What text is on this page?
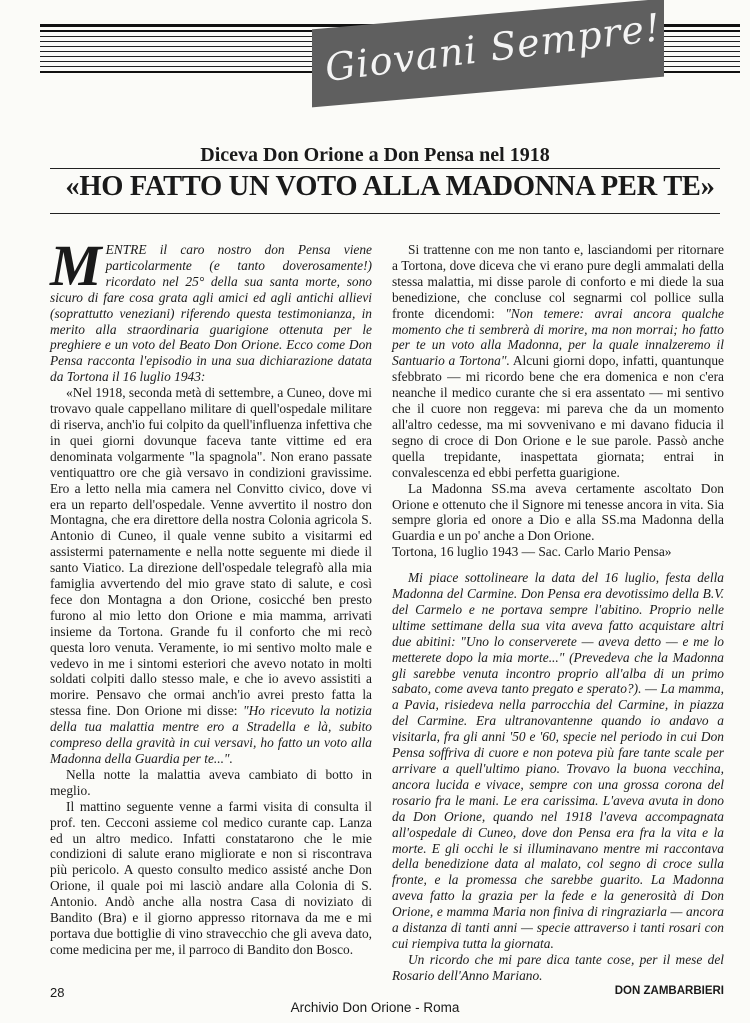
Giovani Sempre!
Diceva Don Orione a Don Pensa nel 1918
«HO FATTO UN VOTO ALLA MADONNA PER TE»

MENTRE il caro nostro don Pensa viene particolarmente (e tanto doverosamente!) ricordato nel 25° della sua santa morte, sono sicuro di fare cosa grata agli amici ed agli antichi allievi (soprattutto veneziani) riferendo questa testimonianza, in merito alla straordinaria guarigione ottenuta per le preghiere e un voto del Beato Don Orione. Ecco come Don Pensa racconta l'episodio in una sua dichiarazione datata da Tortona il 16 luglio 1943:

«Nel 1918, seconda metà di settembre, a Cuneo, dove mi trovavo quale cappellano militare di quell'ospedale militare di riserva, anch'io fui colpito da quell'influenza infettiva che in quei giorni dovunque faceva tante vittime ed era denominata volgarmente "la spagnola". Non erano passate ventiquattro ore che già versavo in condizioni gravissime. Ero a letto nella mia camera nel Convitto civico, dove vi era un reparto dell'ospedale. Venne avvertito il nostro don Montagna, che era direttore della nostra Colonia agricola S. Antonio di Cuneo, il quale venne subito a visitarmi ed assistermi paternamente e nella notte seguente mi diede il santo Viatico. La direzione dell'ospedale telegrafò alla mia famiglia avvertendo del mio grave stato di salute, e così fece don Montagna a don Orione, cosicché ben presto furono al mio letto don Orione e mia mamma, arrivati insieme da Tortona. Grande fu il conforto che mi recò questa loro venuta. Veramente, io mi sentivo molto male e vedevo in me i sintomi esteriori che avevo notato in molti soldati colpiti dallo stesso male, e che io avevo assistiti a morire. Pensavo che ormai anch'io avrei presto fatta la stessa fine. Don Orione mi disse: "Ho ricevuto la notizia della tua malattia mentre ero a Stradella e là, subito compreso della gravità in cui versavi, ho fatto un voto alla Madonna della Guardia per te...".

Nella notte la malattia aveva cambiato di botto in meglio.

Il mattino seguente venne a farmi visita di consulta il prof. ten. Cecconi assieme col medico curante cap. Lanza ed un altro medico. Infatti constatarono che le mie condizioni di salute erano migliorate e non si riscontrava più pericolo. A questo consulto medico assisté anche Don Orione, il quale poi mi lasciò andare alla Colonia di S. Antonio. Andò anche alla nostra Casa di noviziato di Bandito (Bra) e il giorno appresso ritornava da me e mi portava due bottiglie di vino stravecchio che gli aveva dato, come medicina per me, il parroco di Bandito don Bosco.

Si trattenne con me non tanto e, lasciandomi per ritornare a Tortona, dove diceva che vi erano pure degli ammalati della stessa malattia, mi disse parole di conforto e mi diede la sua benedizione, che concluse col segnarmi col pollice sulla fronte dicendomi: "Non temere: avrai ancora qualche momento che ti sembrerà di morire, ma non morrai; ho fatto per te un voto alla Madonna, per la quale innalzeremo il Santuario a Tortona". Alcuni giorni dopo, infatti, quantunque sfebbrato — mi ricordo bene che era domenica e non c'era neanche il medico curante che si era assentato — mi sentivo che il cuore non reggeva: mi pareva che da un momento all'altro cedesse, ma mi sovvenivano e mi davano fiducia il segno di croce di Don Orione e le sue parole. Passò anche quella trepidante, inaspettata giornata; entrai in convalescenza ed ebbi perfetta guarigione.

La Madonna SS.ma aveva certamente ascoltato Don Orione e ottenuto che il Signore mi tenesse ancora in vita. Sia sempre gloria ed onore a Dio e alla SS.ma Madonna della Guardia e un po' anche a Don Orione.

Tortona, 16 luglio 1943 — Sac. Carlo Mario Pensa»

Mi piace sottolineare la data del 16 luglio, festa della Madonna del Carmine. Don Pensa era devotissimo della B.V. del Carmelo e ne portava sempre l'abitino. Proprio nelle ultime settimane della sua vita aveva fatto acquistare altri due abitini: "Uno lo conserverete — aveva detto — e me lo metterete dopo la mia morte..." (Prevedeva che la Madonna gli sarebbe venuta incontro proprio all'alba di un primo sabato, come aveva tanto pregato e sperato?). — La mamma, a Pavia, risiedeva nella parrocchia del Carmine, in piazza del Carmine. Era ultranovantenne quando io andavo a visitarla, fra gli anni '50 e '60, specie nel periodo in cui Don Pensa soffriva di cuore e non poteva più fare tante scale per arrivare a quell'ultimo piano. Trovavo la buona vecchina, ancora lucida e vivace, sempre con una grossa corona del rosario fra le mani. Le era carissima. L'aveva avuta in dono da Don Orione, quando nel 1918 l'aveva accompagnata all'ospedale di Cuneo, dove don Pensa era fra la vita e la morte. E gli occhi le si illuminavano mentre mi raccontava della benedizione data al malato, col segno di croce sulla fronte, e la promessa che sarebbe guarito. La Madonna aveva fatto la grazia per la fede e la generosità di Don Orione, e mamma Maria non finiva di ringraziarla — ancora a distanza di tanti anni — specie attraverso i tanti rosari con cui riempiva tutta la giornata.

Un ricordo che mi pare dica tante cose, per il mese del Rosario dell'Anno Mariano.
DON ZAMBARBIERI
28
Archivio Don Orione - Roma
